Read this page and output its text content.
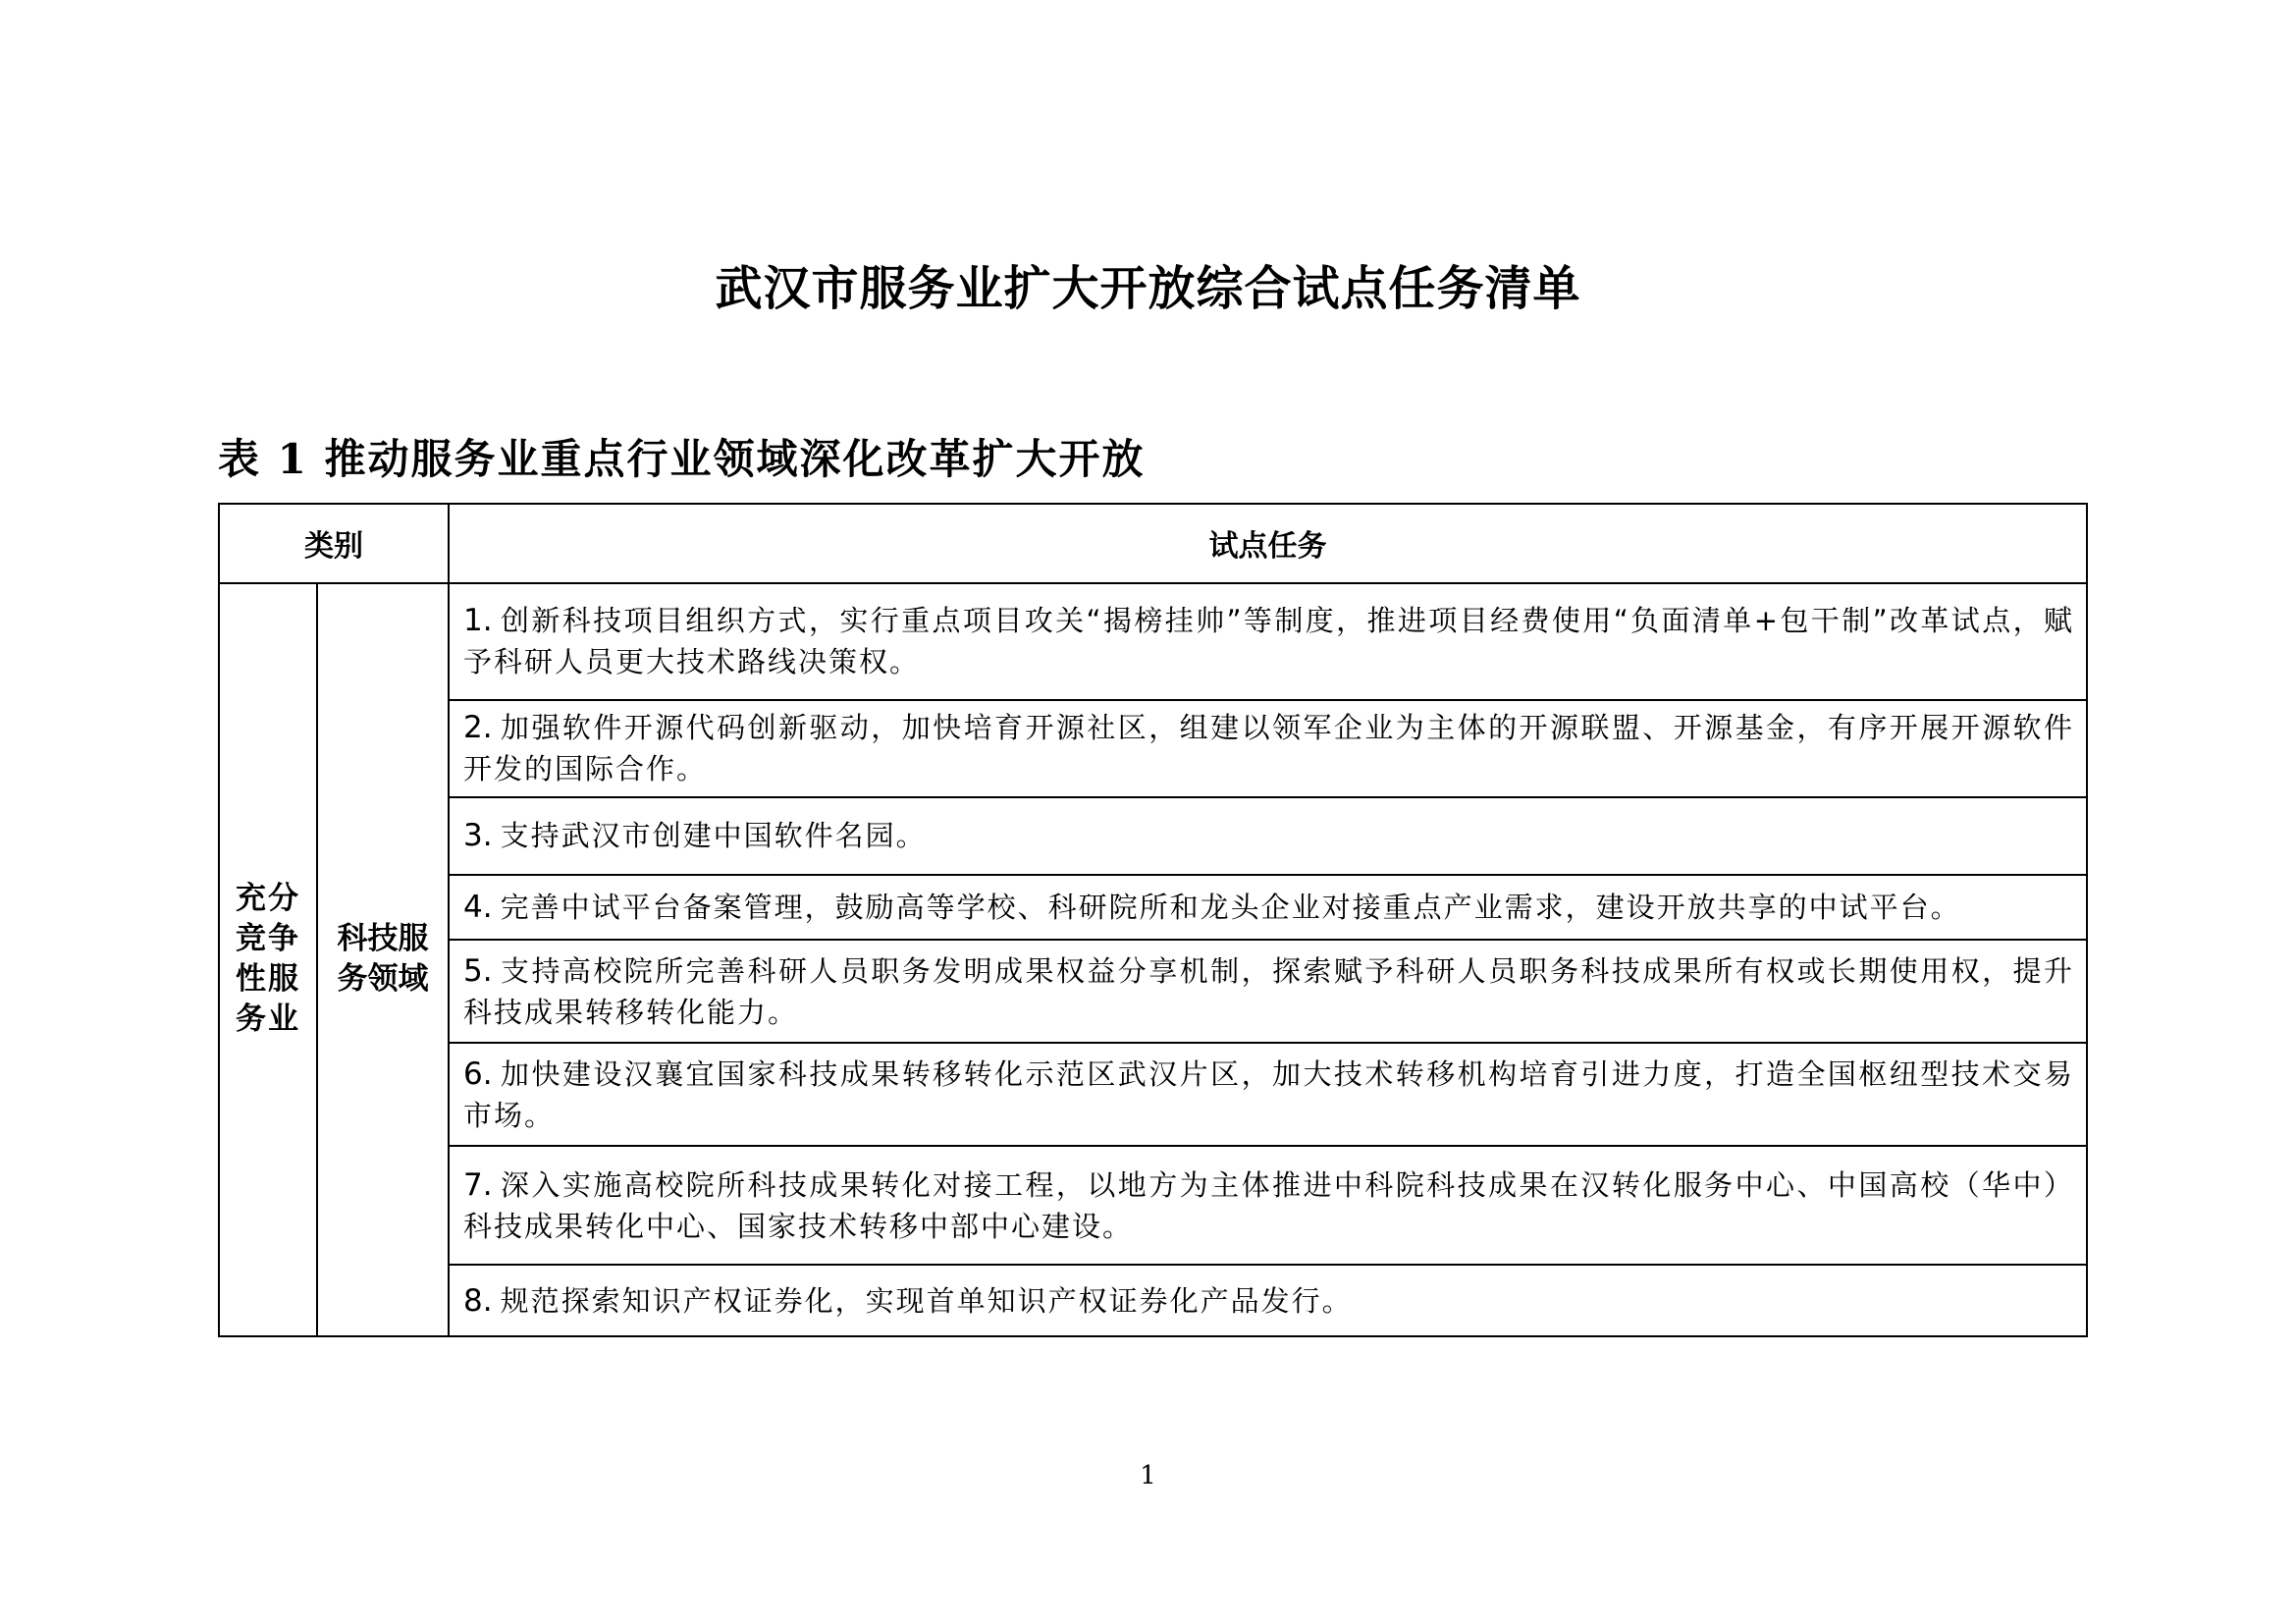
武汉市服务业扩大开放综合试点任务清单
表 1 推动服务业重点行业领域深化改革扩大开放
类别		试点任务

充分竞争性服务业	科技服务领域	1. 创新科技项目组织方式，实行重点项目攻关“揭榜挂帅”等制度，推进项目经费使用“负面清单+包干制”改革试点，赋予科研人员更大技术路线决策权。
		2. 加强软件开源代码创新驱动，加快培育开源社区，组建以领军企业为主体的开源联盟、开源基金，有序开展开源软件开发的国际合作。
		3. 支持武汉市创建中国软件名园。
		4. 完善中试平台备案管理，鼓励高等学校、科研院所和龙头企业对接重点产业需求，建设开放共享的中试平台。
		5. 支持高校院所完善科研人员职务发明成果权益分享机制，探索赋予科研人员职务科技成果所有权或长期使用权，提升科技成果转移转化能力。
		6. 加快建设汉襄宜国家科技成果转移转化示范区武汉片区，加大技术转移机构培育引进力度，打造全国枢纽型技术交易市场。
		7. 深入实施高校院所科技成果转化对接工程，以地方为主体推进中科院科技成果在汉转化服务中心、中国高校（华中）科技成果转化中心、国家技术转移中部中心建设。
		8. 规范探索知识产权证券化，实现首单知识产权证券化产品发行。
1
